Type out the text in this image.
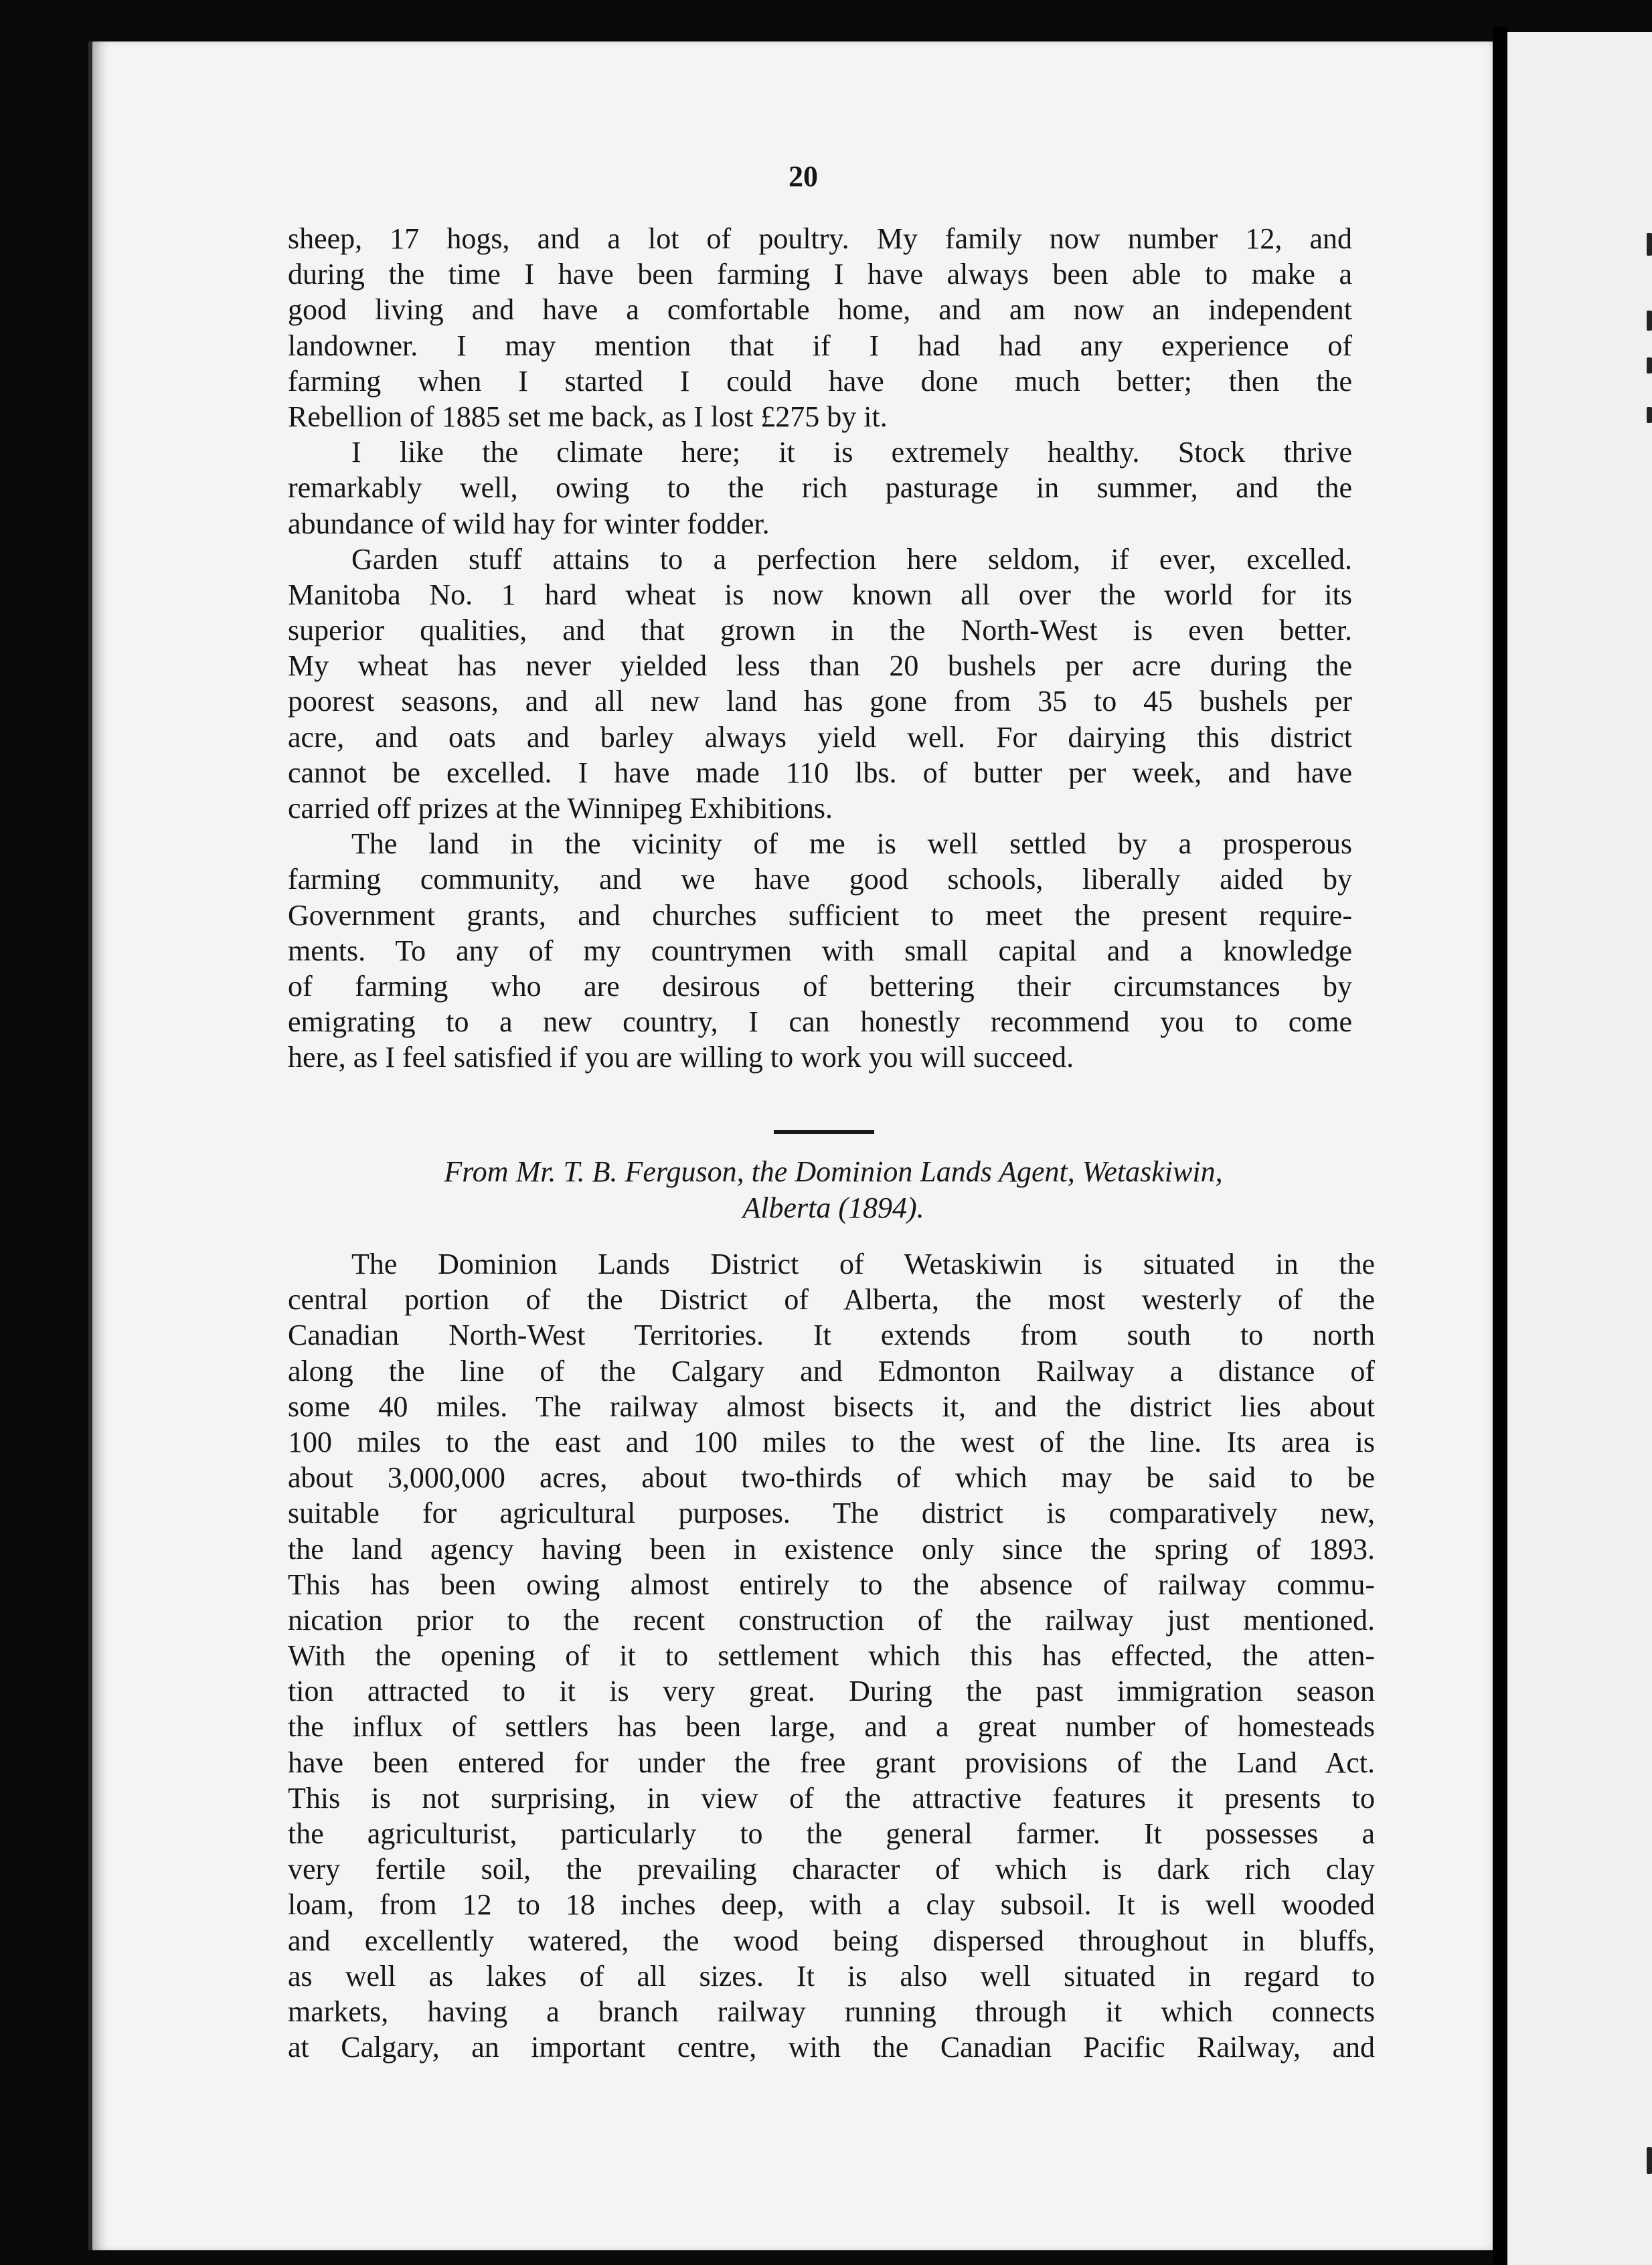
20
sheep, 17 hogs, and a lot of poultry. My family now number 12, and
during the time I have been farming I have always been able to make a
good living and have a comfortable home, and am now an independent
landowner. I may mention that if I had had any experience of
farming when I started I could have done much better; then the
Rebellion of 1885 set me back, as I lost £275 by it.
I like the climate here; it is extremely healthy. Stock thrive
remarkably well, owing to the rich pasturage in summer, and the
abundance of wild hay for winter fodder.
Garden stuff attains to a perfection here seldom, if ever, excelled.
Manitoba No. 1 hard wheat is now known all over the world for its
superior qualities, and that grown in the North-West is even better.
My wheat has never yielded less than 20 bushels per acre during the
poorest seasons, and all new land has gone from 35 to 45 bushels per
acre, and oats and barley always yield well. For dairying this district
cannot be excelled. I have made 110 lbs. of butter per week, and have
carried off prizes at the Winnipeg Exhibitions.
The land in the vicinity of me is well settled by a prosperous
farming community, and we have good schools, liberally aided by
Government grants, and churches sufficient to meet the present require-
ments. To any of my countrymen with small capital and a knowledge
of farming who are desirous of bettering their circumstances by
emigrating to a new country, I can honestly recommend you to come
here, as I feel satisfied if you are willing to work you will succeed.
From Mr. T. B. Ferguson, the Dominion Lands Agent, Wetaskiwin,
Alberta (1894).
The Dominion Lands District of Wetaskiwin is situated in the
central portion of the District of Alberta, the most westerly of the
Canadian North-West Territories. It extends from south to north
along the line of the Calgary and Edmonton Railway a distance of
some 40 miles. The railway almost bisects it, and the district lies about
100 miles to the east and 100 miles to the west of the line. Its area is
about 3,000,000 acres, about two-thirds of which may be said to be
suitable for agricultural purposes. The district is comparatively new,
the land agency having been in existence only since the spring of 1893.
This has been owing almost entirely to the absence of railway commu-
nication prior to the recent construction of the railway just mentioned.
With the opening of it to settlement which this has effected, the atten-
tion attracted to it is very great. During the past immigration season
the influx of settlers has been large, and a great number of homesteads
have been entered for under the free grant provisions of the Land Act.
This is not surprising, in view of the attractive features it presents to
the agriculturist, particularly to the general farmer. It possesses a
very fertile soil, the prevailing character of which is dark rich clay
loam, from 12 to 18 inches deep, with a clay subsoil. It is well wooded
and excellently watered, the wood being dispersed throughout in bluffs,
as well as lakes of all sizes. It is also well situated in regard to
markets, having a branch railway running through it which connects
at Calgary, an important centre, with the Canadian Pacific Railway, and
